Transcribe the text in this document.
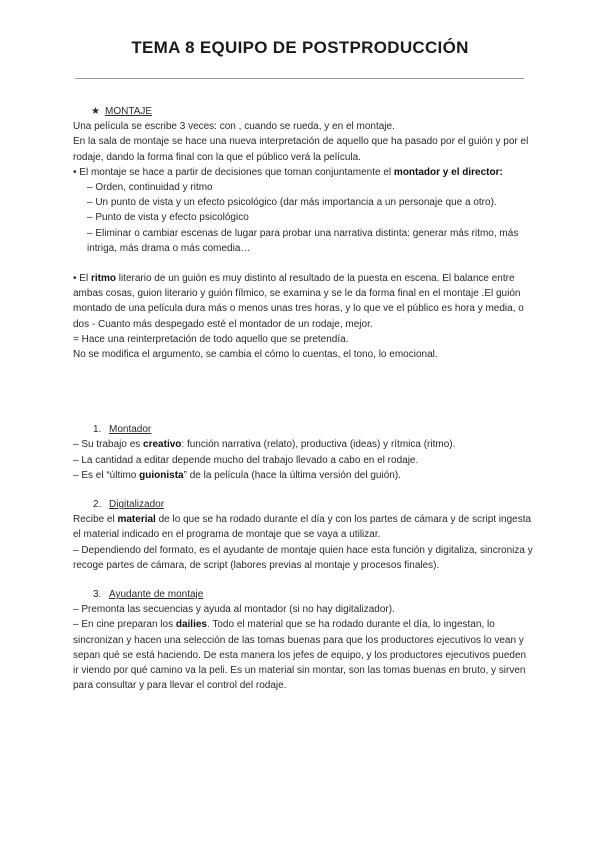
TEMA 8 EQUIPO DE POSTPRODUCCIÓN

★ MONTAJE

Una película se escribe 3 veces: con , cuando se rueda, y en el montaje.

En la sala de montaje se hace una nueva interpretación de aquello que ha pasado por el guión y por el rodaje, dando la forma final con la que el público verá la película.

• El montaje se hace a partir de decisiones que toman conjuntamente el montador y el director:

– Orden, continuidad y ritmo

– Un punto de vista y un efecto psicológico (dar más importancia a un personaje que a otro).

– Punto de vista y efecto psicológico

– Eliminar o cambiar escenas de lugar para probar una narrativa distinta: generar más ritmo, más intriga, más drama o más comedia…

• El ritmo literario de un guión es muy distinto al resultado de la puesta en escena. El balance entre ambas cosas, guion literario y guión fílmico, se examina y se le da forma final en el montaje .El guión montado de una película dura más o menos unas tres horas, y lo que ve el público es hora y media, o dos - Cuanto más despegado esté el montador de un rodaje, mejor.

= Hace una reinterpretación de todo aquello que se pretendía.

No se modifica el argumento, se cambia el cómo lo cuentas, el tono, lo emocional.

1. Montador

– Su trabajo es creativo: función narrativa (relato), productiva (ideas) y rítmica (ritmo).

– La cantidad a editar depende mucho del trabajo llevado a cabo en el rodaje.

– Es el “último guionista” de la película (hace la última versión del guión).

2. Digitalizador

Recibe el material de lo que se ha rodado durante el día y con los partes de cámara y de script ingesta el material indicado en el programa de montaje que se vaya a utilizar.

– Dependiendo del formato, es el ayudante de montaje quien hace esta función y digitaliza, sincroniza y recoge partes de cámara, de script (labores previas al montaje y procesos finales).

3. Ayudante de montaje

– Premonta las secuencias y ayuda al montador (si no hay digitalizador).

– En cine preparan los dailies. Todo el material que se ha rodado durante el día, lo ingestan, lo sincronizan y hacen una selección de las tomas buenas para que los productores ejecutivos lo vean y sepan qué se está haciendo. De esta manera los jefes de equipo, y los productores ejecutivos pueden ir viendo por qué camino va la peli. Es un material sin montar, son las tomas buenas en bruto, y sirven para consultar y para llevar el control del rodaje.
